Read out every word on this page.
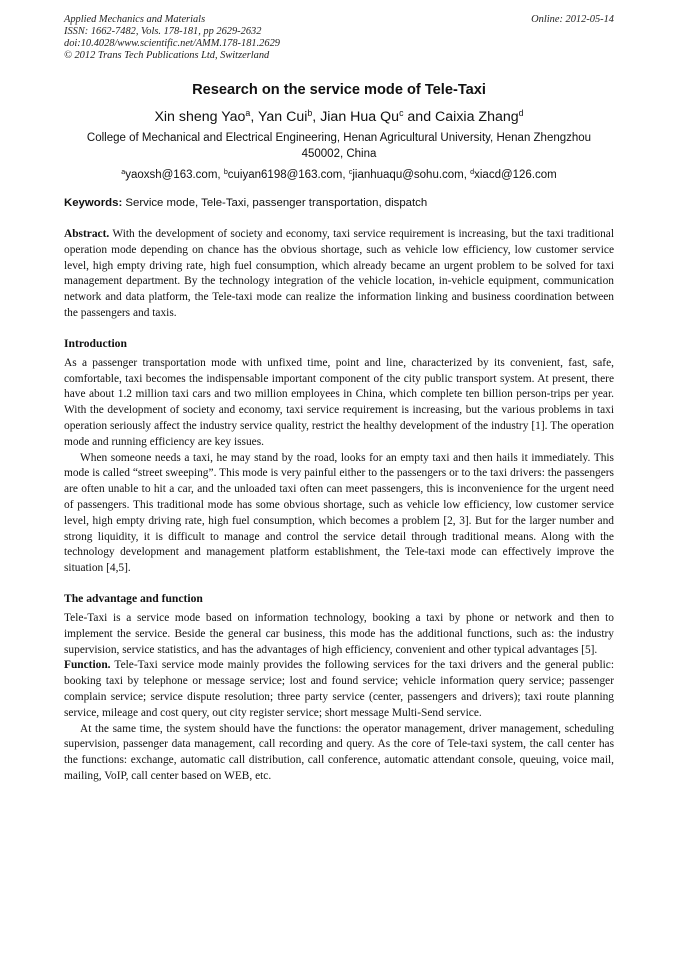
Applied Mechanics and Materials
ISSN: 1662-7482, Vols. 178-181, pp 2629-2632
doi:10.4028/www.scientific.net/AMM.178-181.2629
© 2012 Trans Tech Publications Ltd, Switzerland
Online: 2012-05-14
Research on the service mode of Tele-Taxi
Xin sheng Yao$^a$, Yan Cui$^b$, Jian Hua Qu$^c$ and Caixia Zhang$^d$
College of Mechanical and Electrical Engineering, Henan Agricultural University, Henan Zhengzhou
450002, China
$^a$yaoxsh@163.com, $^b$cuiyan6198@163.com, $^c$jianhuaqu@sohu.com, $^d$xiacd@126.com
Keywords: Service mode, Tele-Taxi, passenger transportation, dispatch

Abstract. With the development of society and economy, taxi service requirement is increasing, but the taxi traditional operation mode depending on chance has the obvious shortage, such as vehicle low efficiency, low customer service level, high empty driving rate, high fuel consumption, which already became an urgent problem to be solved for taxi management department. By the technology integration of the vehicle location, in-vehicle equipment, communication network and data platform, the Tele-taxi mode can realize the information linking and business coordination between the passengers and taxis.

Introduction

As a passenger transportation mode with unfixed time, point and line, characterized by its convenient, fast, safe, comfortable, taxi becomes the indispensable important component of the city public transport system. At present, there have about 1.2 million taxi cars and two million employees in China, which complete ten billion person-trips per year. With the development of society and economy, taxi service requirement is increasing, but the various problems in taxi operation seriously affect the industry service quality, restrict the healthy development of the industry [1]. The operation mode and running efficiency are key issues.

When someone needs a taxi, he may stand by the road, looks for an empty taxi and then hails it immediately. This mode is called “street sweeping”. This mode is very painful either to the passengers or to the taxi drivers: the passengers are often unable to hit a car, and the unloaded taxi often can meet passengers, this is inconvenience for the urgent need of passengers. This traditional mode has some obvious shortage, such as vehicle low efficiency, low customer service level, high empty driving rate, high fuel consumption, which becomes a problem [2, 3]. But for the larger number and strong liquidity, it is difficult to manage and control the service detail through traditional means. Along with the technology development and management platform establishment, the Tele-taxi mode can effectively improve the situation [4,5].

The advantage and function

Tele-Taxi is a service mode based on information technology, booking a taxi by phone or network and then to implement the service. Beside the general car business, this mode has the additional functions, such as: the industry supervision, service statistics, and has the advantages of high efficiency, convenient and other typical advantages [5].

Function. Tele-Taxi service mode mainly provides the following services for the taxi drivers and the general public: booking taxi by telephone or message service; lost and found service; vehicle information query service; passenger complain service; service dispute resolution; three party service (center, passengers and drivers); taxi route planning service, mileage and cost query, out city register service; short message Multi-Send service.

At the same time, the system should have the functions: the operator management, driver management, scheduling supervision, passenger data management, call recording and query. As the core of Tele-taxi system, the call center has the functions: exchange, automatic call distribution, call conference, automatic attendant console, queuing, voice mail, mailing, VoIP, call center based on WEB, etc.
